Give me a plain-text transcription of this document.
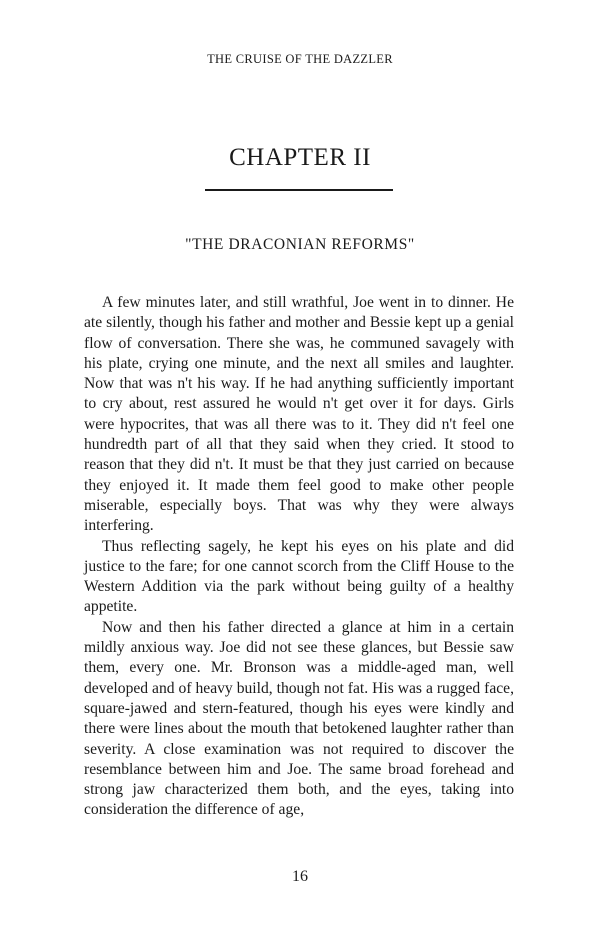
THE CRUISE OF THE DAZZLER
CHAPTER II
"THE DRACONIAN REFORMS"

A few minutes later, and still wrathful, Joe went in to dinner. He ate silently, though his father and mother and Bessie kept up a genial flow of conversation. There she was, he communed savagely with his plate, crying one minute, and the next all smiles and laughter. Now that was n't his way. If he had anything sufficiently important to cry about, rest assured he would n't get over it for days. Girls were hypocrites, that was all there was to it. They did n't feel one hundredth part of all that they said when they cried. It stood to reason that they did n't. It must be that they just carried on because they enjoyed it. It made them feel good to make other people miserable, especially boys. That was why they were always interfering.

Thus reflecting sagely, he kept his eyes on his plate and did justice to the fare; for one cannot scorch from the Cliff House to the Western Addition via the park without being guilty of a healthy appetite.

Now and then his father directed a glance at him in a certain mildly anxious way. Joe did not see these glances, but Bessie saw them, every one. Mr. Bronson was a middle-aged man, well developed and of heavy build, though not fat. His was a rugged face, square-jawed and stern-featured, though his eyes were kindly and there were lines about the mouth that betokened laughter rather than severity. A close examination was not required to discover the resemblance between him and Joe. The same broad forehead and strong jaw characterized them both, and the eyes, taking into consideration the difference of age,

16
